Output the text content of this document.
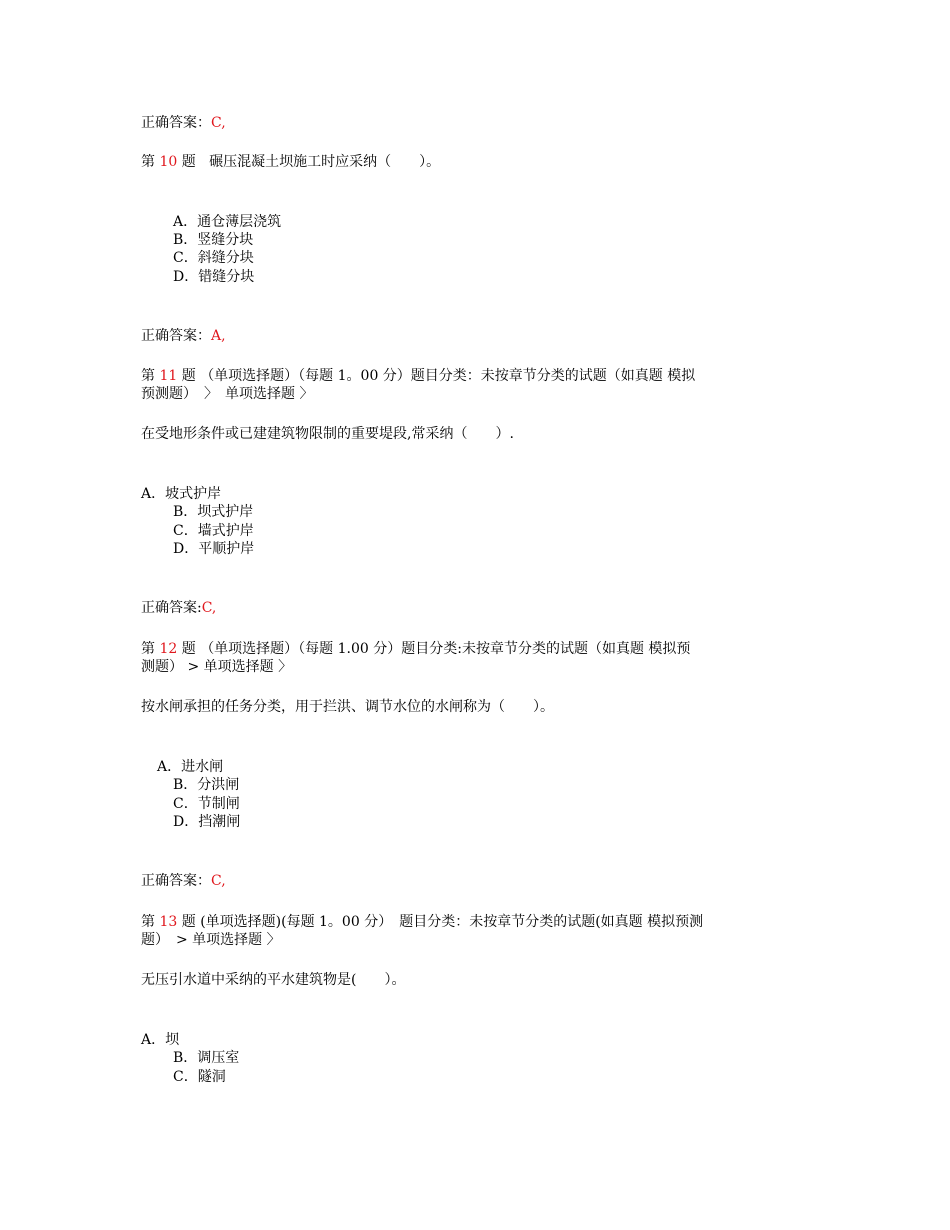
正确答案：C,
第 10 题 碾压混凝土坝施工时应采纳（　　）。
A．通仓薄层浇筑
B．竖缝分块
C．斜缝分块
D．错缝分块
正确答案：A,
第 11 题 （单项选择题）（每题 1。00 分）题目分类：未按章节分类的试题（如真题 模拟
预测题）　〉　单项选择题 〉
在受地形条件或已建建筑物限制的重要堤段,常采纳（　　）.
A．坡式护岸
B．坝式护岸
C．墙式护岸
D．平顺护岸
正确答案:C,
第 12 题 （单项选择题）（每题 1.00 分）题目分类:未按章节分类的试题（如真题 模拟预
测题） > 单项选择题 〉
按水闸承担的任务分类，用于拦洪、调节水位的水闸称为（　　）。
A．进水闸
B．分洪闸
C．节制闸
D．挡潮闸
正确答案：C,
第 13 题 (单项选择题)(每题 1。00 分）　题目分类：未按章节分类的试题(如真题 模拟预测
题）　> 单项选择题 〉
无压引水道中采纳的平水建筑物是(　　）。
A．坝
B．调压室
C．隧洞
